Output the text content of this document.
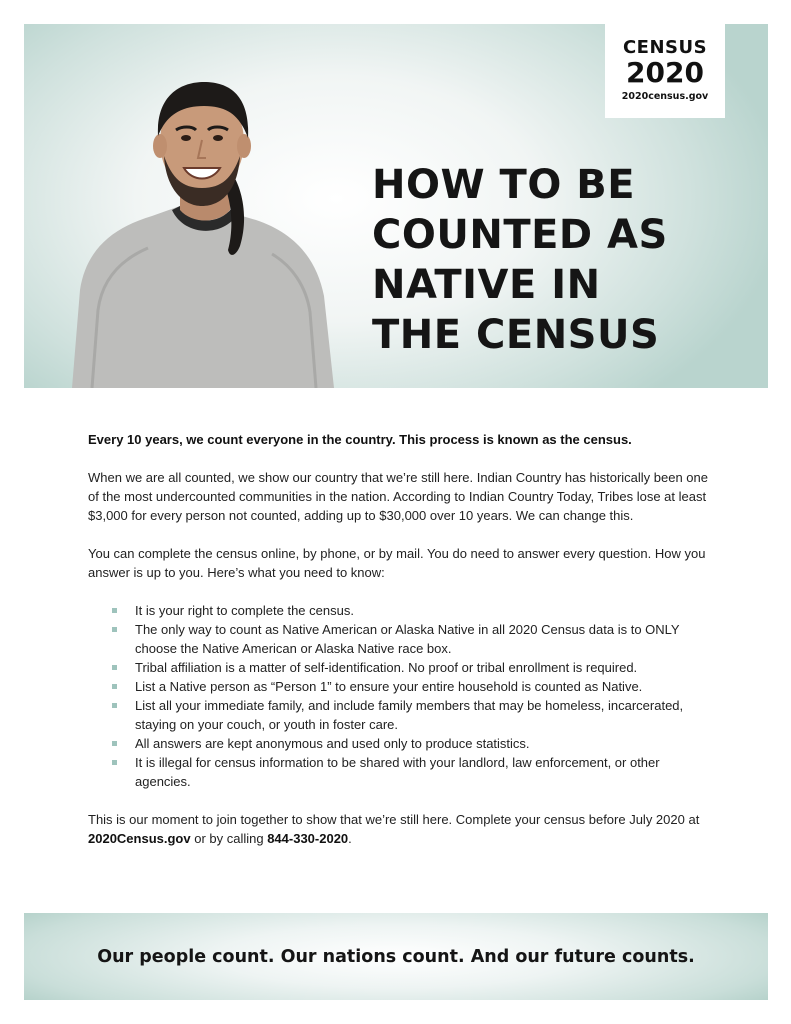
CENSUS
2020
2020census.gov
HOW TO BE
COUNTED AS
NATIVE IN
THE CENSUS

Every 10 years, we count everyone in the country. This process is known as the census.

When we are all counted, we show our country that we’re still here. Indian Country has historically been one of the most undercounted communities in the nation. According to Indian Country Today, Tribes lose at least $3,000 for every person not counted, adding up to $30,000 over 10 years. We can change this.

You can complete the census online, by phone, or by mail. You do need to answer every question. How you answer is up to you. Here’s what you need to know:

It is your right to complete the census.
The only way to count as Native American or Alaska Native in all 2020 Census data is to ONLY choose the Native American or Alaska Native race box.
Tribal affiliation is a matter of self-identification. No proof or tribal enrollment is required.
List a Native person as “Person 1” to ensure your entire household is counted as Native.
List all your immediate family, and include family members that may be homeless, incarcerated, staying on your couch, or youth in foster care.
All answers are kept anonymous and used only to produce statistics.
It is illegal for census information to be shared with your landlord, law enforcement, or other agencies.

This is our moment to join together to show that we’re still here. Complete your census before July 2020 at 2020Census.gov or by calling 844-330-2020.

Our people count. Our nations count. And our future counts.
